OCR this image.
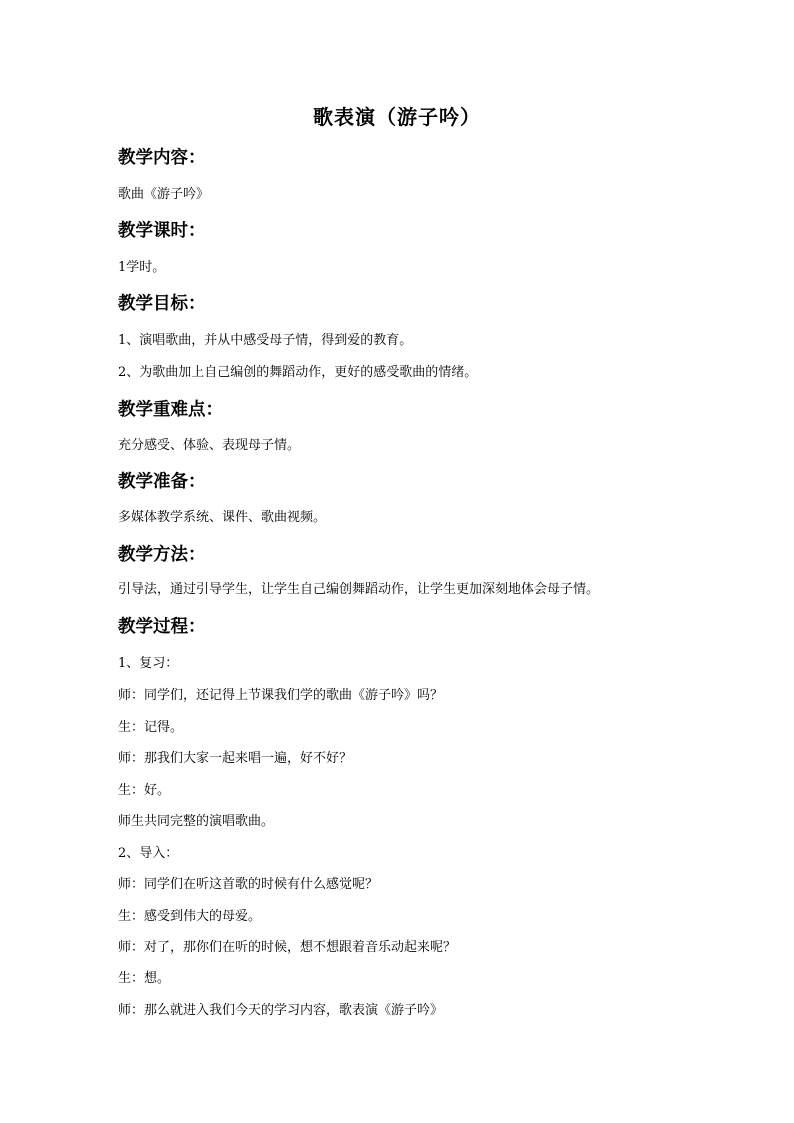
歌表演（游子吟）
教学内容：
歌曲《游子吟》
教学课时：
1学时。
教学目标：
1、演唱歌曲，并从中感受母子情，得到爱的教育。
2、为歌曲加上自己编创的舞蹈动作，更好的感受歌曲的情绪。
教学重难点：
充分感受、体验、表现母子情。
教学准备：
多媒体教学系统、课件、歌曲视频。
教学方法：
引导法，通过引导学生，让学生自己编创舞蹈动作，让学生更加深刻地体会母子情。
教学过程：
1、复习：
师：同学们，还记得上节课我们学的歌曲《游子吟》吗？
生：记得。
师：那我们大家一起来唱一遍，好不好？
生：好。
师生共同完整的演唱歌曲。
2、导入：
师：同学们在听这首歌的时候有什么感觉呢？
生：感受到伟大的母爱。
师：对了，那你们在听的时候，想不想跟着音乐动起来呢？
生：想。
师：那么就进入我们今天的学习内容，歌表演《游子吟》
